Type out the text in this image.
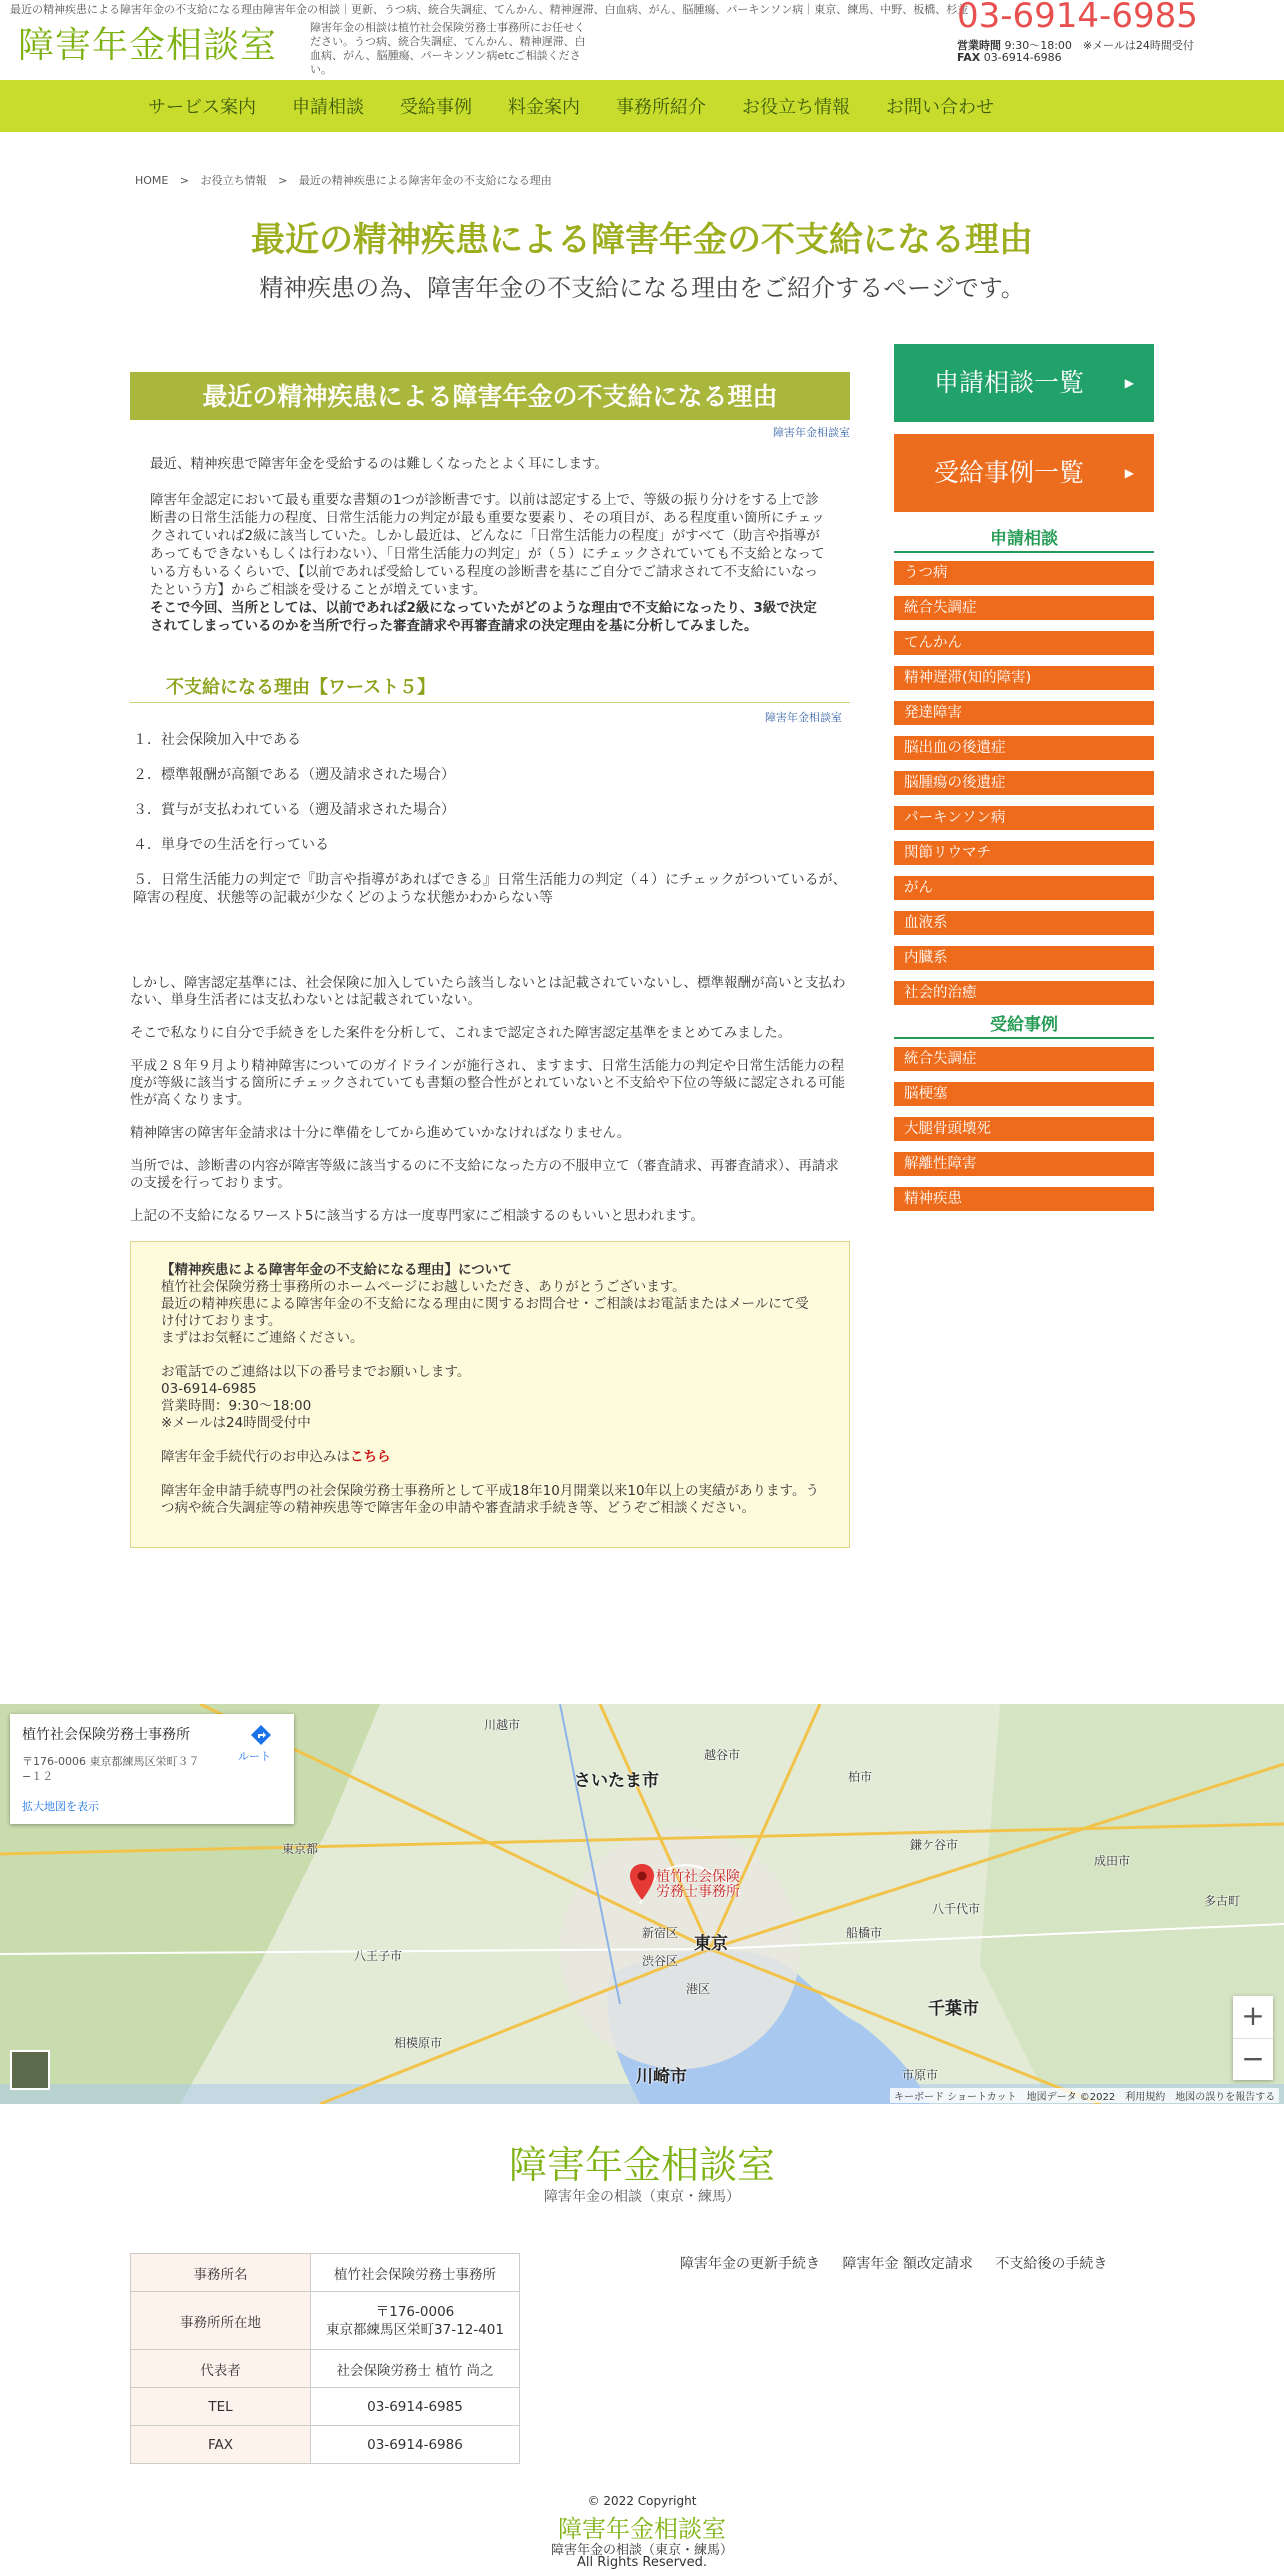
最近の精神疾患による障害年金の不支給になる理由障害年金の相談｜更新、うつ病、統合失調症、てんかん、精神遅滞、白血病、がん、脳腫瘍、パーキンソン病｜東京、練馬、中野、板橋、杉並
障害年金相談室	障害年金の相談は植竹社会保険労務士事務所にお任せください。うつ病、統合失調症、てんかん、精神遅滞、白血病、がん、脳腫瘍、パーキンソン病etcご相談ください。
03-6914-6985
営業時間 9:30〜18:00　※メールは24時間受付
FAX 03-6914-6986
サービス案内	申請相談	受給事例	料金案内	事務所紹介	お役立ち情報	お問い合わせ
HOME > お役立ち情報 > 最近の精神疾患による障害年金の不支給になる理由
最近の精神疾患による障害年金の不支給になる理由
精神疾患の為、障害年金の不支給になる理由をご紹介するページです。
最近の精神疾患による障害年金の不支給になる理由
障害年金相談室

最近、精神疾患で障害年金を受給するのは難しくなったとよく耳にします。

障害年金認定において最も重要な書類の1つが診断書です。以前は認定する上で、等級の振り分けをする上で診断書の日常生活能力の程度、日常生活能力の判定が最も重要な要素り、その項目が、ある程度重い箇所にチェックされていれば2級に該当していた。しかし最近は、どんなに「日常生活能力の程度」がすべて（助言や指導があってもできないもしくは行わない）、「日常生活能力の判定」が（５）にチェックされていても不支給となっている方もいるくらいで、【以前であれば受給している程度の診断書を基にご自分でご請求されて不支給にいなったという方】からご相談を受けることが増えています。

そこで今回、当所としては、以前であれば2級になっていたがどのような理由で不支給になったり、3級で決定されてしまっているのかを当所で行った審査請求や再審査請求の決定理由を基に分析してみました。

不支給になる理由【ワースト５】
障害年金相談室
１．社会保険加入中である
２．標準報酬が高額である（遡及請求された場合）
３．賞与が支払われている（遡及請求された場合）
４．単身での生活を行っている
５．日常生活能力の判定で『助言や指導があればできる』日常生活能力の判定（４）にチェックがついているが、障害の程度、状態等の記載が少なくどのような状態かわからない等

しかし、障害認定基準には、社会保険に加入していたら該当しないとは記載されていないし、標準報酬が高いと支払わない、単身生活者には支払わないとは記載されていない。

そこで私なりに自分で手続きをした案件を分析して、これまで認定された障害認定基準をまとめてみました。

平成２８年９月より精神障害についてのガイドラインが施行され、ますます、日常生活能力の判定や日常生活能力の程度が等級に該当する箇所にチェックされていても書類の整合性がとれていないと不支給や下位の等級に認定される可能性が高くなります。

精神障害の障害年金請求は十分に準備をしてから進めていかなければなりません。

当所では、診断書の内容が障害等級に該当するのに不支給になった方の不服申立て（審査請求、再審査請求）、再請求の支援を行っております。

上記の不支給になるワースト5に該当する方は一度専門家にご相談するのもいいと思われます。

【精神疾患による障害年金の不支給になる理由】について
植竹社会保険労務士事務所のホームページにお越しいただき、ありがとうございます。
最近の精神疾患による障害年金の不支給になる理由に関するお問合せ・ご相談はお電話またはメールにて受け付けております。
まずはお気軽にご連絡ください。
お電話でのご連絡は以下の番号までお願いします。
03-6914-6985
営業時間：9:30〜18:00
※メールは24時間受付中
障害年金手続代行のお申込みはこちら
障害年金申請手続専門の社会保険労務士事務所として平成18年10月開業以来10年以上の実績があります。うつ病や統合失調症等の精神疾患等で障害年金の申請や審査請求手続き等、どうぞご相談ください。
申請相談一覧	▶
受給事例一覧	▶
申請相談
うつ病
統合失調症
てんかん
精神遅滞(知的障害)
発達障害
脳出血の後遺症
脳腫瘍の後遺症
パーキンソン病
関節リウマチ
がん
血液系
内臓系
社会的治癒
受給事例
統合失調症
脳梗塞
大腿骨頭壊死
解離性障害
精神疾患
川越市
越谷市
さいたま市	柏市
東京都
八王子市
新宿区
東京
渋谷区
港区
船橋市
千葉市
相模原市
川崎市
鎌ケ谷市
成田市
多古町
八千代市
市原市
植竹社会保険労務士事務所
植竹社会保険労務士事務所
〒176-0006 東京都練馬区栄町３７−１２
ルート
拡大地図を表示
+
−
キーボード ショートカット　地図データ ©2022　利用規約　地図の誤りを報告する
障害年金相談室
障害年金の相談（東京・練馬）
事務所名	植竹社会保険労務士事務所
事務所所在地	〒176-0006
東京都練馬区栄町37-12-401
代表者	社会保険労務士 植竹 尚之
TEL	03-6914-6985
FAX	03-6914-6986
障害年金の更新手続き 障害年金 額改定請求 不支給後の手続き
© 2022 Copyright
障害年金相談室
障害年金の相談（東京・練馬）
All Rights Reserved.
